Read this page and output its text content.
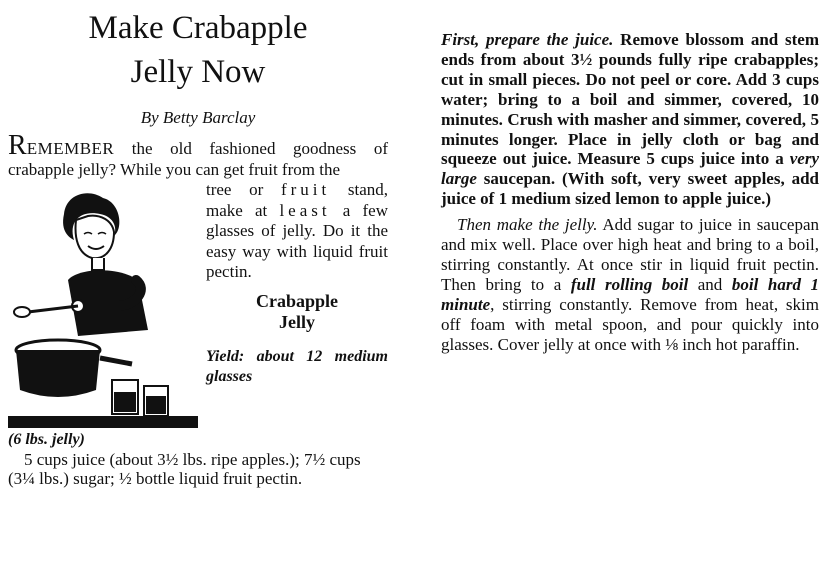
Make Crabapple
Jelly Now
By Betty Barclay
REMEMBER the old fashioned goodness of crabapple jelly? While you can get fruit from the
tree or fruit stand, make at least a few glasses of jelly. Do it the easy way with liquid fruit pectin.
Crabapple
Jelly
Yield: about 12 medium glasses
(6 lbs. jelly)
5 cups juice (about 3½ lbs. ripe apples.); 7½ cups (3¼ lbs.) sugar; ½ bottle liquid fruit pectin.

First, prepare the juice. Remove blossom and stem ends from about 3½ pounds fully ripe crabapples; cut in small pieces. Do not peel or core. Add 3 cups water; bring to a boil and simmer, covered, 10 minutes. Crush with masher and simmer, covered, 5 minutes longer. Place in jelly cloth or bag and squeeze out juice. Measure 5 cups juice into a very large saucepan. (With soft, very sweet apples, add juice of 1 medium sized lemon to apple juice.)

Then make the jelly. Add sugar to juice in saucepan and mix well. Place over high heat and bring to a boil, stirring constantly. At once stir in liquid fruit pectin. Then bring to a full rolling boil and boil hard 1 minute, stirring constantly. Remove from heat, skim off foam with metal spoon, and pour quickly into glasses. Cover jelly at once with ⅛ inch hot paraffin.
